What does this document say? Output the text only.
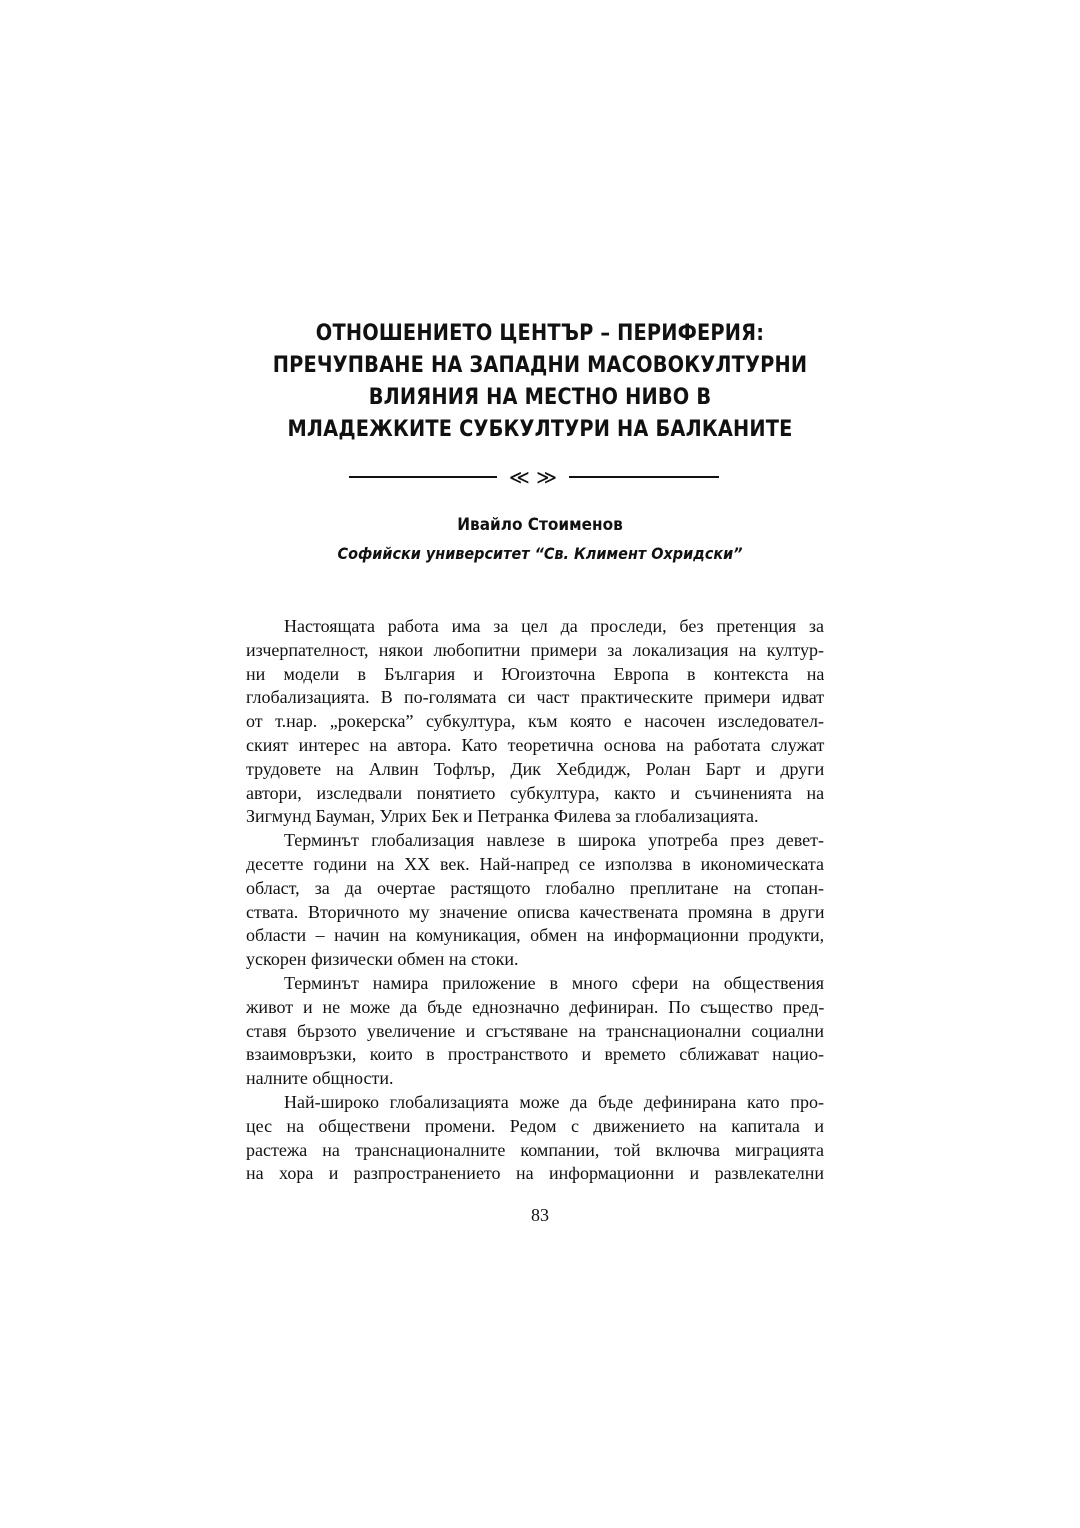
ОТНОШЕНИЕТО ЦЕНТЪР – ПЕРИФЕРИЯ:
ПРЕЧУПВАНЕ НА ЗАПАДНИ МАСОВОКУЛТУРНИ
ВЛИЯНИЯ НА МЕСТНО НИВО В
МЛАДЕЖКИТЕ СУБКУЛТУРИ НА БАЛКАНИТЕ
≪ ≫
Ивайло Стоименов
Софийски университет “Св. Климент Охридски”

Настоящата работа има за цел да проследи, без претенция за
изчерпателност, някои любопитни примери за локализация на култур-
ни модели в България и Югоизточна Европа в контекста на
глобализацията. В по-голямата си част практическите примери идват
от т.нар. „рокерска” субкултура, към която е насочен изследовател-
ският интерес на автора. Като теоретична основа на работата служат
трудовете на Алвин Тофлър, Дик Хебдидж, Ролан Барт и други
автори, изследвали понятието субкултура, както и съчиненията на
Зигмунд Бауман, Улрих Бек и Петранка Филева за глобализацията.

Терминът глобализация навлезе в широка употреба през девет-
десетте години на ХХ век. Най-напред се използва в икономическата
област, за да очертае растящото глобално преплитане на стопан-
ствата. Вторичното му значение описва качествената промяна в други
области – начин на комуникация, обмен на информационни продукти,
ускорен физически обмен на стоки.

Терминът намира приложение в много сфери на обществения
живот и не може да бъде еднозначно дефиниран. По същество пред-
ставя бързото увеличение и сгъстяване на транснационални социални
взаимовръзки, които в пространството и времето сближават нацио-
налните общности.

Най-широко глобализацията може да бъде дефинирана като про-
цес на обществени промени. Редом с движението на капитала и
растежа на транснационалните компании, той включва миграцията
на хора и разпространението на информационни и развлекателни

83
